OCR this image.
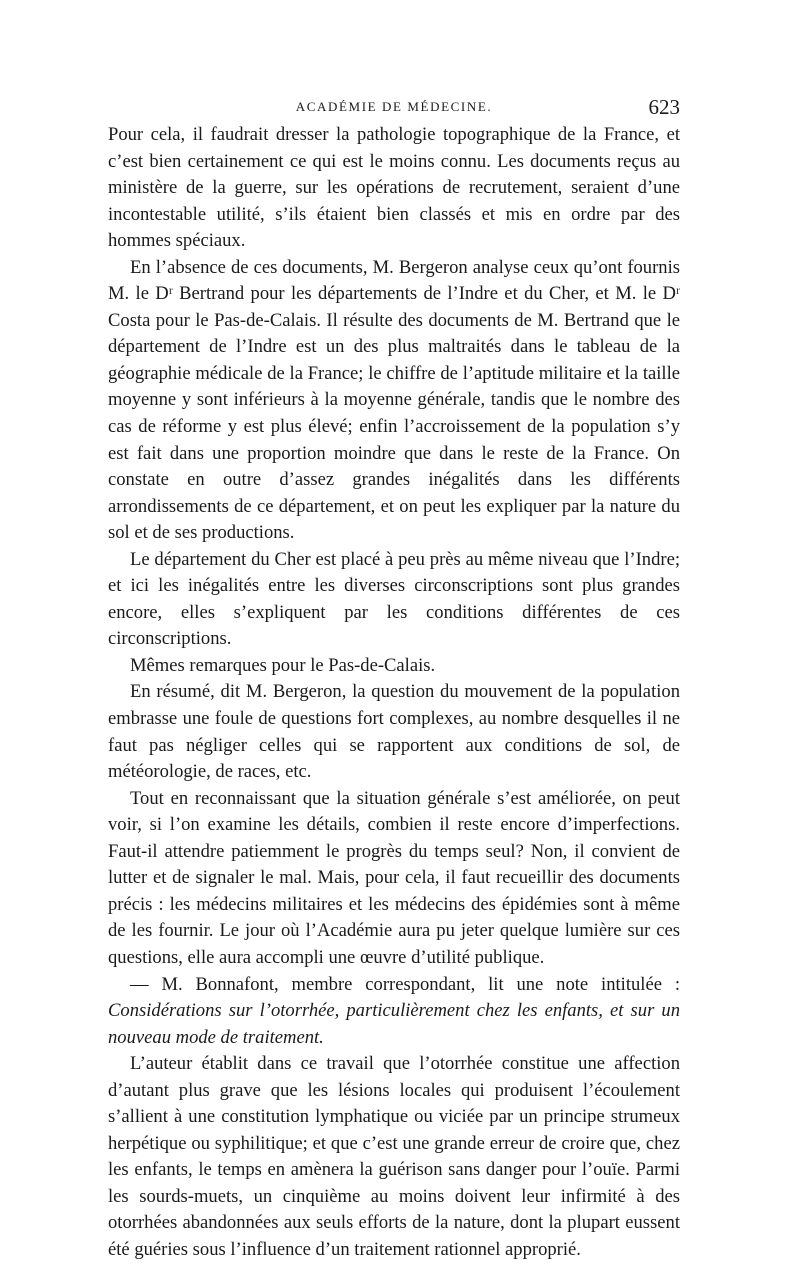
ACADÉMIE DE MÉDECINE.	623

Pour cela, il faudrait dresser la pathologie topographique de la France, et c’est bien certainement ce qui est le moins connu. Les documents reçus au ministère de la guerre, sur les opérations de recrutement, seraient d’une incontestable utilité, s’ils étaient bien classés et mis en ordre par des hommes spéciaux.

En l’absence de ces documents, M. Bergeron analyse ceux qu’ont fournis M. le Dʳ Bertrand pour les départements de l’Indre et du Cher, et M. le Dʳ Costa pour le Pas-de-Calais. Il résulte des documents de M. Bertrand que le département de l’Indre est un des plus maltraités dans le tableau de la géographie médicale de la France; le chiffre de l’aptitude militaire et la taille moyenne y sont inférieurs à la moyenne générale, tandis que le nombre des cas de réforme y est plus élevé; enfin l’accroissement de la population s’y est fait dans une proportion moindre que dans le reste de la France. On constate en outre d’assez grandes inégalités dans les différents arrondissements de ce département, et on peut les expliquer par la nature du sol et de ses productions.

Le département du Cher est placé à peu près au même niveau que l’Indre; et ici les inégalités entre les diverses circonscriptions sont plus grandes encore, elles s’expliquent par les conditions différentes de ces circonscriptions.

Mêmes remarques pour le Pas-de-Calais.

En résumé, dit M. Bergeron, la question du mouvement de la population embrasse une foule de questions fort complexes, au nombre desquelles il ne faut pas négliger celles qui se rapportent aux conditions de sol, de météorologie, de races, etc.

Tout en reconnaissant que la situation générale s’est améliorée, on peut voir, si l’on examine les détails, combien il reste encore d’imperfections. Faut-il attendre patiemment le progrès du temps seul? Non, il convient de lutter et de signaler le mal. Mais, pour cela, il faut recueillir des documents précis : les médecins militaires et les médecins des épidémies sont à même de les fournir. Le jour où l’Académie aura pu jeter quelque lumière sur ces questions, elle aura accompli une œuvre d’utilité publique.

— M. Bonnafont, membre correspondant, lit une note intitulée : Considérations sur l’otorrhée, particulièrement chez les enfants, et sur un nouveau mode de traitement.

L’auteur établit dans ce travail que l’otorrhée constitue une affection d’autant plus grave que les lésions locales qui produisent l’écoulement s’allient à une constitution lymphatique ou viciée par un principe strumeux herpétique ou syphilitique; et que c’est une grande erreur de croire que, chez les enfants, le temps en amènera la guérison sans danger pour l’ouïe. Parmi les sourds-muets, un cinquième au moins doivent leur infirmité à des otorrhées abandonnées aux seuls efforts de la nature, dont la plupart eussent été guéries sous l’influence d’un traitement rationnel approprié.
